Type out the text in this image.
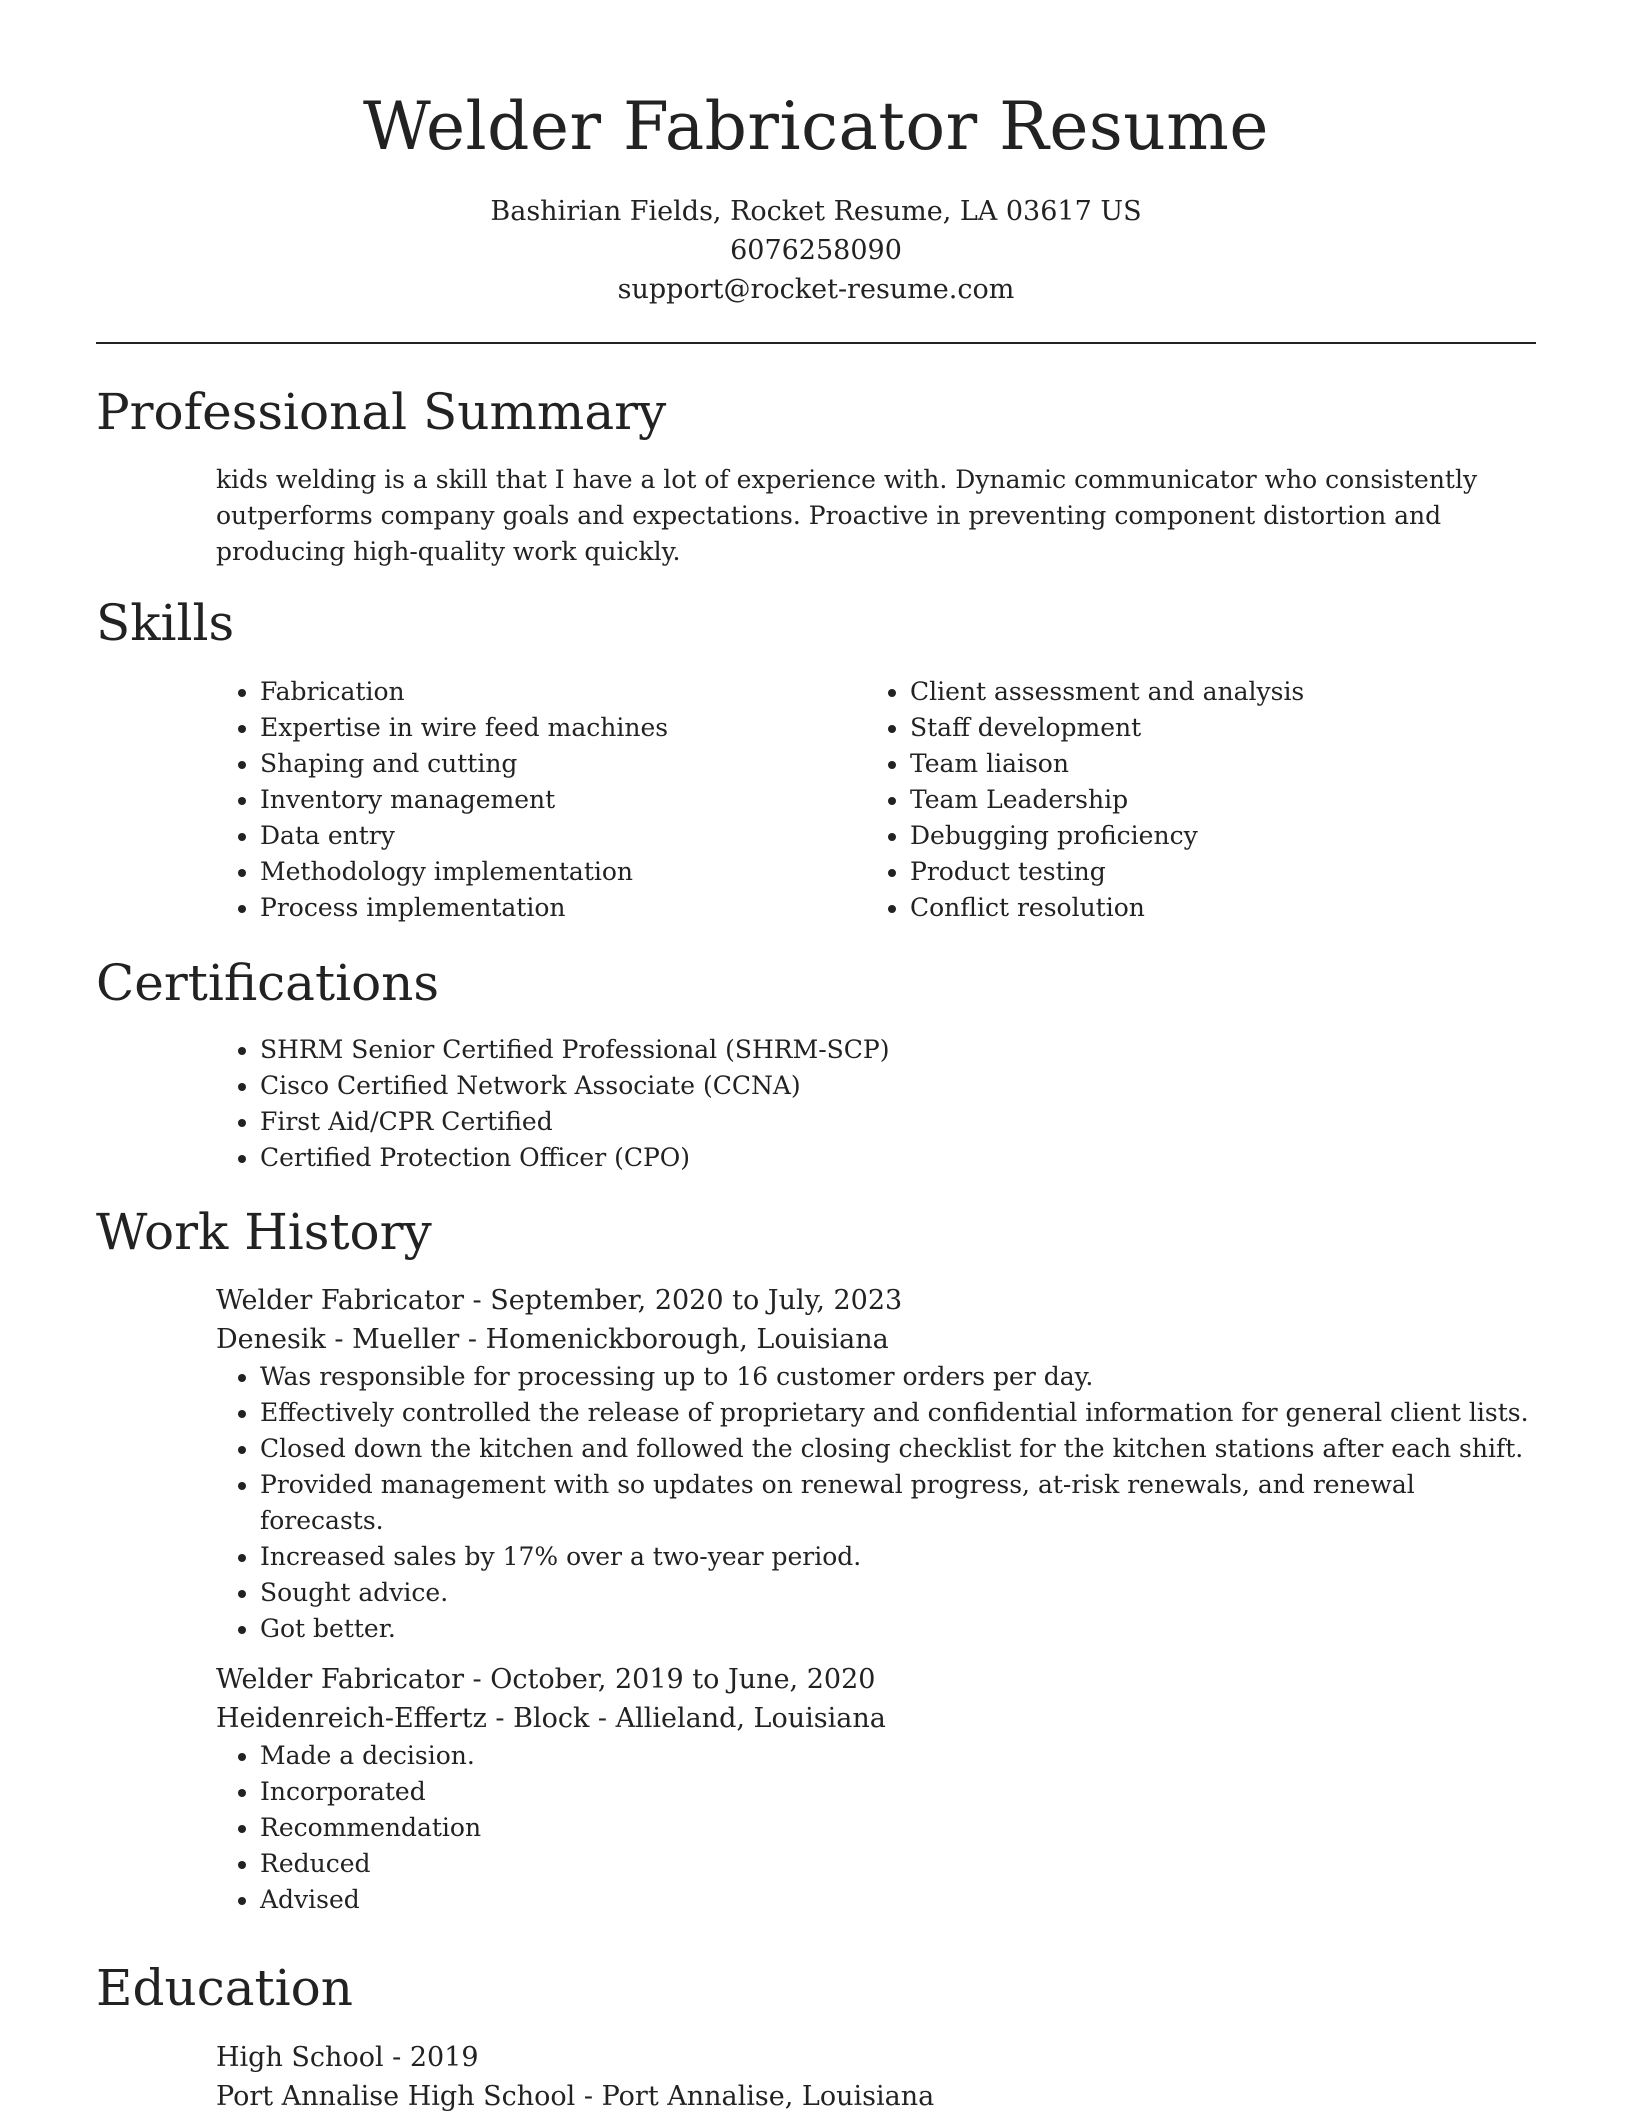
Welder Fabricator Resume
Bashirian Fields, Rocket Resume, LA 03617 US
6076258090
support@rocket-resume.com
Professional Summary

kids welding is a skill that I have a lot of experience with. Dynamic communicator who consistently outperforms company goals and expectations. Proactive in preventing component distortion and producing high-quality work quickly.

Skills
• Fabrication
• Expertise in wire feed machines
• Shaping and cutting
• Inventory management
• Data entry
• Methodology implementation
• Process implementation
• Client assessment and analysis
• Staff development
• Team liaison
• Team Leadership
• Debugging proficiency
• Product testing
• Conflict resolution
Certifications
• SHRM Senior Certified Professional (SHRM-SCP)
• Cisco Certified Network Associate (CCNA)
• First Aid/CPR Certified
• Certified Protection Officer (CPO)
Work History

Welder Fabricator - September, 2020 to July, 2023

Denesik - Mueller - Homenickborough, Louisiana

• Was responsible for processing up to 16 customer orders per day.
• Effectively controlled the release of proprietary and confidential information for general client lists.
• Closed down the kitchen and followed the closing checklist for the kitchen stations after each shift.
• Provided management with so updates on renewal progress, at-risk renewals, and renewal forecasts.
• Increased sales by 17% over a two-year period.
• Sought advice.
• Got better.

Welder Fabricator - October, 2019 to June, 2020

Heidenreich-Effertz - Block - Allieland, Louisiana

• Made a decision.
• Incorporated
• Recommendation
• Reduced
• Advised
Education

High School - 2019

Port Annalise High School - Port Annalise, Louisiana
